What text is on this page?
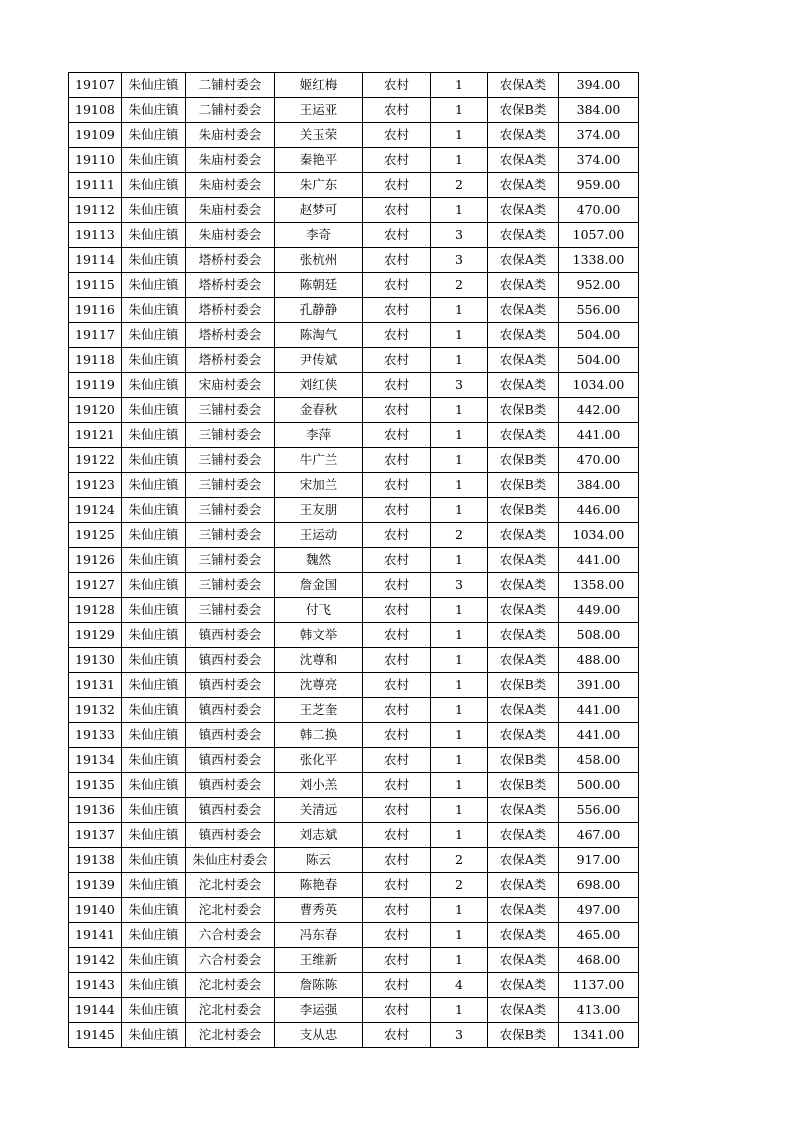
19107	朱仙庄镇	二铺村委会	姬红梅	农村	1	农保A类	394.00
19108	朱仙庄镇	二铺村委会	王运亚	农村	1	农保B类	384.00
19109	朱仙庄镇	朱庙村委会	关玉荣	农村	1	农保A类	374.00
19110	朱仙庄镇	朱庙村委会	秦艳平	农村	1	农保A类	374.00
19111	朱仙庄镇	朱庙村委会	朱广东	农村	2	农保A类	959.00
19112	朱仙庄镇	朱庙村委会	赵梦可	农村	1	农保A类	470.00
19113	朱仙庄镇	朱庙村委会	李奇	农村	3	农保A类	1057.00
19114	朱仙庄镇	塔桥村委会	张杭州	农村	3	农保A类	1338.00
19115	朱仙庄镇	塔桥村委会	陈朝廷	农村	2	农保A类	952.00
19116	朱仙庄镇	塔桥村委会	孔静静	农村	1	农保A类	556.00
19117	朱仙庄镇	塔桥村委会	陈淘气	农村	1	农保A类	504.00
19118	朱仙庄镇	塔桥村委会	尹传斌	农村	1	农保A类	504.00
19119	朱仙庄镇	宋庙村委会	刘红侠	农村	3	农保A类	1034.00
19120	朱仙庄镇	三铺村委会	金春秋	农村	1	农保B类	442.00
19121	朱仙庄镇	三铺村委会	李萍	农村	1	农保A类	441.00
19122	朱仙庄镇	三铺村委会	牛广兰	农村	1	农保B类	470.00
19123	朱仙庄镇	三铺村委会	宋加兰	农村	1	农保B类	384.00
19124	朱仙庄镇	三铺村委会	王友朋	农村	1	农保B类	446.00
19125	朱仙庄镇	三铺村委会	王运动	农村	2	农保A类	1034.00
19126	朱仙庄镇	三铺村委会	魏然	农村	1	农保A类	441.00
19127	朱仙庄镇	三铺村委会	詹金国	农村	3	农保A类	1358.00
19128	朱仙庄镇	三铺村委会	付飞	农村	1	农保A类	449.00
19129	朱仙庄镇	镇西村委会	韩文举	农村	1	农保A类	508.00
19130	朱仙庄镇	镇西村委会	沈尊和	农村	1	农保A类	488.00
19131	朱仙庄镇	镇西村委会	沈尊亮	农村	1	农保B类	391.00
19132	朱仙庄镇	镇西村委会	王芝奎	农村	1	农保A类	441.00
19133	朱仙庄镇	镇西村委会	韩二换	农村	1	农保A类	441.00
19134	朱仙庄镇	镇西村委会	张化平	农村	1	农保B类	458.00
19135	朱仙庄镇	镇西村委会	刘小羔	农村	1	农保B类	500.00
19136	朱仙庄镇	镇西村委会	关清远	农村	1	农保A类	556.00
19137	朱仙庄镇	镇西村委会	刘志斌	农村	1	农保A类	467.00
19138	朱仙庄镇	朱仙庄村委会	陈云	农村	2	农保A类	917.00
19139	朱仙庄镇	沱北村委会	陈艳春	农村	2	农保A类	698.00
19140	朱仙庄镇	沱北村委会	曹秀英	农村	1	农保A类	497.00
19141	朱仙庄镇	六合村委会	冯东春	农村	1	农保A类	465.00
19142	朱仙庄镇	六合村委会	王维新	农村	1	农保A类	468.00
19143	朱仙庄镇	沱北村委会	詹陈陈	农村	4	农保A类	1137.00
19144	朱仙庄镇	沱北村委会	李运强	农村	1	农保A类	413.00
19145	朱仙庄镇	沱北村委会	支从忠	农村	3	农保B类	1341.00
